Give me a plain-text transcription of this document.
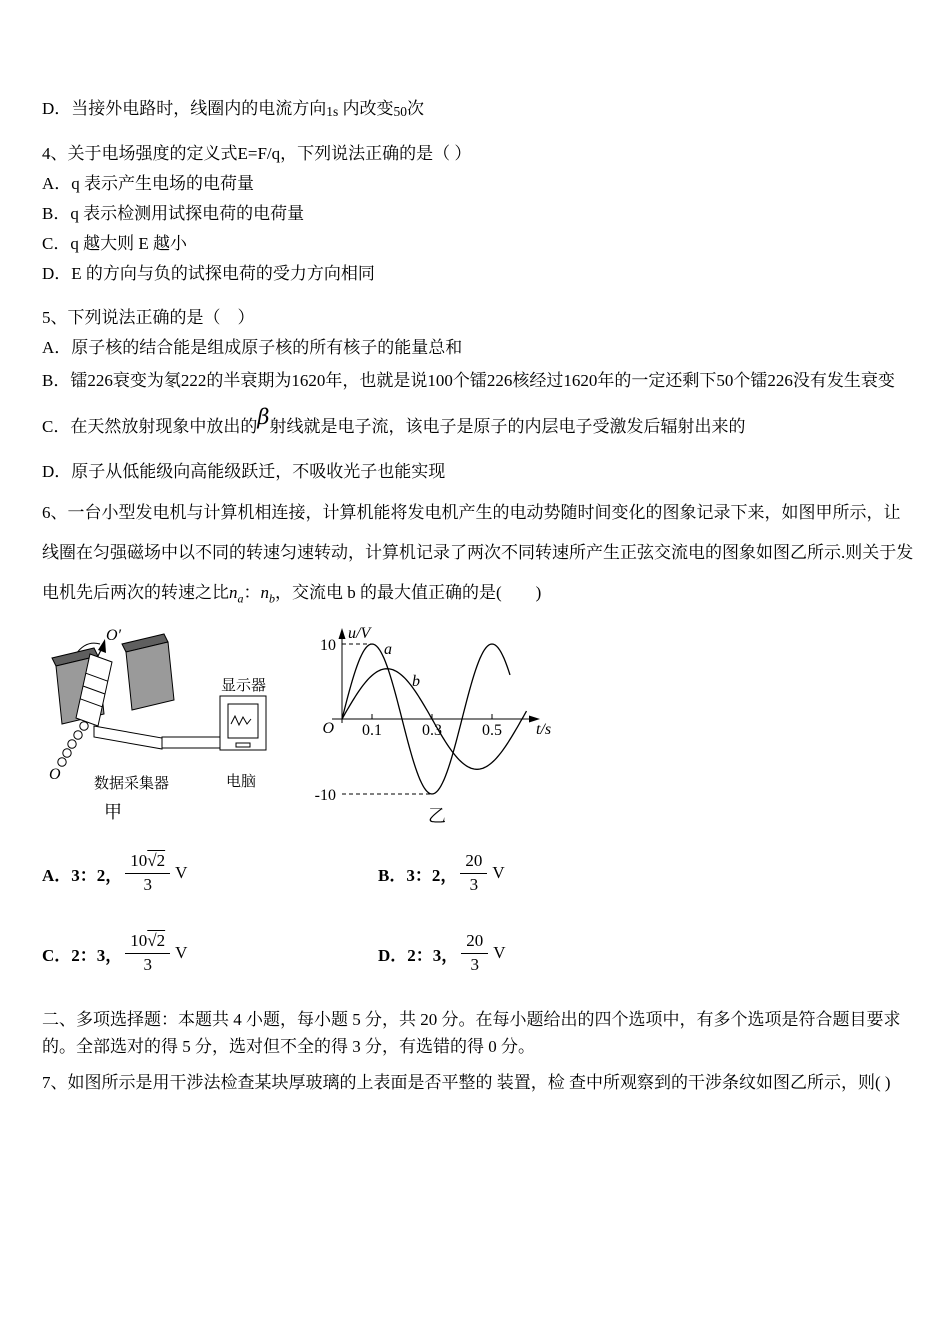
D．当接外电路时，线圈内的电流方向1s 内改变50次
4、关于电场强度的定义式E=F/q，下列说法正确的是（ ）
A．q 表示产生电场的电荷量
B．q 表示检测用试探电荷的电荷量
C．q 越大则 E 越小
D．E 的方向与负的试探电荷的受力方向相同
5、下列说法正确的是（　）
A．原子核的结合能是组成原子核的所有核子的能量总和
B．镭226衰变为氡222的半衰期为1620年，也就是说100个镭226核经过1620年的一定还剩下50个镭226没有发生衰变
C．在天然放射现象中放出的β射线就是电子流，该电子是原子的内层电子受激发后辐射出来的
D．原子从低能级向高能级跃迁，不吸收光子也能实现
6、一台小型发电机与计算机相连接，计算机能将发电机产生的电动势随时间变化的图象记录下来，如图甲所示，让线圈在匀强磁场中以不同的转速匀速转动，计算机记录了两次不同转速所产生正弦交流电的图象如图乙所示.则关于发电机先后两次的转速之比$n_a$：$n_b$，交流电 b 的最大值正确的是(　　)
O′
O
数据采集器
显示器
电脑
甲
u/V
10
-10
O 0.1	0.3	0.5 t/s
a
b
乙
A．3：2， $\frac{10√2}{3}$ V	B．3：2， $\frac{20}{3}$ V
C．2：3， $\frac{10√2}{3}$ V	D．2：3， $\frac{20}{3}$ V
二、多项选择题：本题共 4 小题，每小题 5 分，共 20 分。在每小题给出的四个选项中，有多个选项是符合题目要求的。全部选对的得 5 分，选对但不全的得 3 分，有选错的得 0 分。
7、如图所示是用干涉法检查某块厚玻璃的上表面是否平整的 装置，检 查中所观察到的干涉条纹如图乙所示，则( )
